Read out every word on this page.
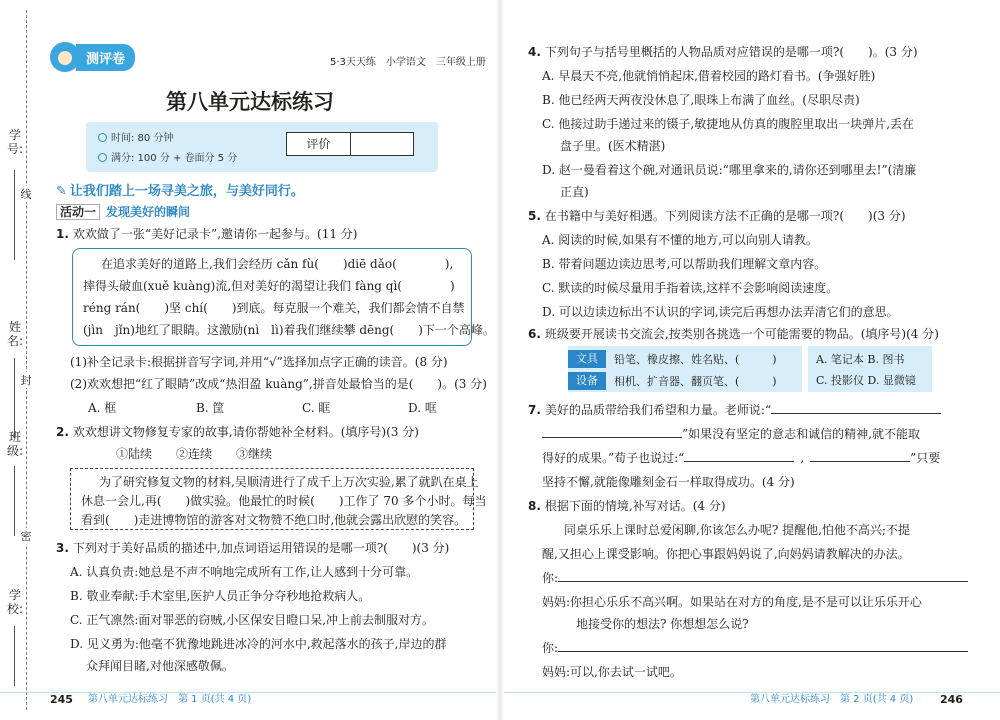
学号:
姓名:
班级:
学校:
线
封
密
测评卷	5·3天天练　小学语文　三年级上册
第八单元达标练习
时间: 80 分钟
满分: 100 分 + 卷面分 5 分
评价
✎ 让我们踏上一场寻美之旅，与美好同行。
活动一 发现美好的瞬间
1. 欢欢做了一张“美好记录卡”,邀请你一起参与。(11 分)
在追求美好的道路上,我们会经历 cǎn fù(　　)diē dǎo(　　　　),
摔得头破血(xuě kuàng)流,但对美好的渴望让我们 fàng qì(　　　　)
réng rán(　　)坚 chí(　　)到底。每克服一个难关，我们都会情不自禁
(jìn　jǐn)地红了眼睛。这激励(nì　lì)着我们继续攀 dēng(　　)下一个高峰。
(1)补全记录卡:根据拼音写字词,并用“√”选择加点字正确的读音。(8 分)
(2)欢欢想把“红了眼睛”改成“热泪盈 kuàng”,拼音处最恰当的是(　　)。(3 分)
A. 框	B. 筐	C. 眶	D. 哐
2. 欢欢想讲文物修复专家的故事,请你帮她补全材料。(填序号)(3 分)
①陆续　　②连续　　③继续
为了研究修复文物的材料,吴顺清进行了成千上万次实验,累了就趴在桌上
休息一会儿,再(　　)做实验。他最忙的时候(　　)工作了 70 多个小时。每当
看到(　　)走进博物馆的游客对文物赞不绝口时,他就会露出欣慰的笑容。
3. 下列对于美好品质的描述中,加点词语运用错误的是哪一项?(　　)(3 分)
A. 认真负责:她总是不声不响地完成所有工作,让人感到十分可靠。
B. 敬业奉献:手术室里,医护人员正争分夺秒地抢救病人。
C. 正气凛然:面对罪恶的窃贼,小区保安目瞪口呆,冲上前去制服对方。
D. 见义勇为:他毫不犹豫地跳进冰冷的河水中,救起落水的孩子,岸边的群
众拜闻目睹,对他深感敬佩。
245 第八单元达标练习　第 1 页(共 4 页)
4. 下列句子与括号里概括的人物品质对应错误的是哪一项?(　　)。(3 分)
A. 早晨天不亮,他就悄悄起床,借着校园的路灯看书。(争强好胜)
B. 他已经两天两夜没休息了,眼珠上布满了血丝。(尽职尽责)
C. 他接过助手递过来的镊子,敏捷地从仿真的腹腔里取出一块弹片,丢在
盘子里。(医术精湛)
D. 赵一曼看着这个碗,对通讯员说:“哪里拿来的,请你还到哪里去!”(清廉
正直)
5. 在书籍中与美好相遇。下列阅读方法不正确的是哪一项?(　　)(3 分)
A. 阅读的时候,如果有不懂的地方,可以向别人请教。
B. 带着问题边读边思考,可以帮助我们理解文章内容。
C. 默读的时候尽量用手指着读,这样不会影响阅读速度。
D. 可以边读边标出不认识的字词,读完后再想办法弄清它们的意思。
6. 班级要开展读书交流会,按类别各挑选一个可能需要的物品。(填序号)(4 分)
7. 美好的品质带给我们希望和力量。老师说:“
”如果没有坚定的意志和诚信的精神,就不能取
得好的成果。”荀子也说过:“	,	”只要
坚持不懈,就能像雕刻金石一样取得成功。(4 分)
8. 根据下面的情境,补写对话。(4 分)
同桌乐乐上课时总爱闲聊,你该怎么办呢? 提醒他,怕他不高兴;不提
醒,又担心上课受影响。你把心事跟妈妈说了,向妈妈请教解决的办法。
你:
妈妈:你担心乐乐不高兴啊。如果站在对方的角度,是不是可以让乐乐开心
地接受你的想法? 你想想怎么说?
你:
妈妈:可以,你去试一试吧。
第八单元达标练习　第 2 页(共 4 页) 246
文具	铅笔、橡皮擦、姓名贴、(　　　)
设备	相机、扩音器、翻页笔、(　　　)
A. 笔记本 B. 图书
C. 投影仪 D. 显微镜
